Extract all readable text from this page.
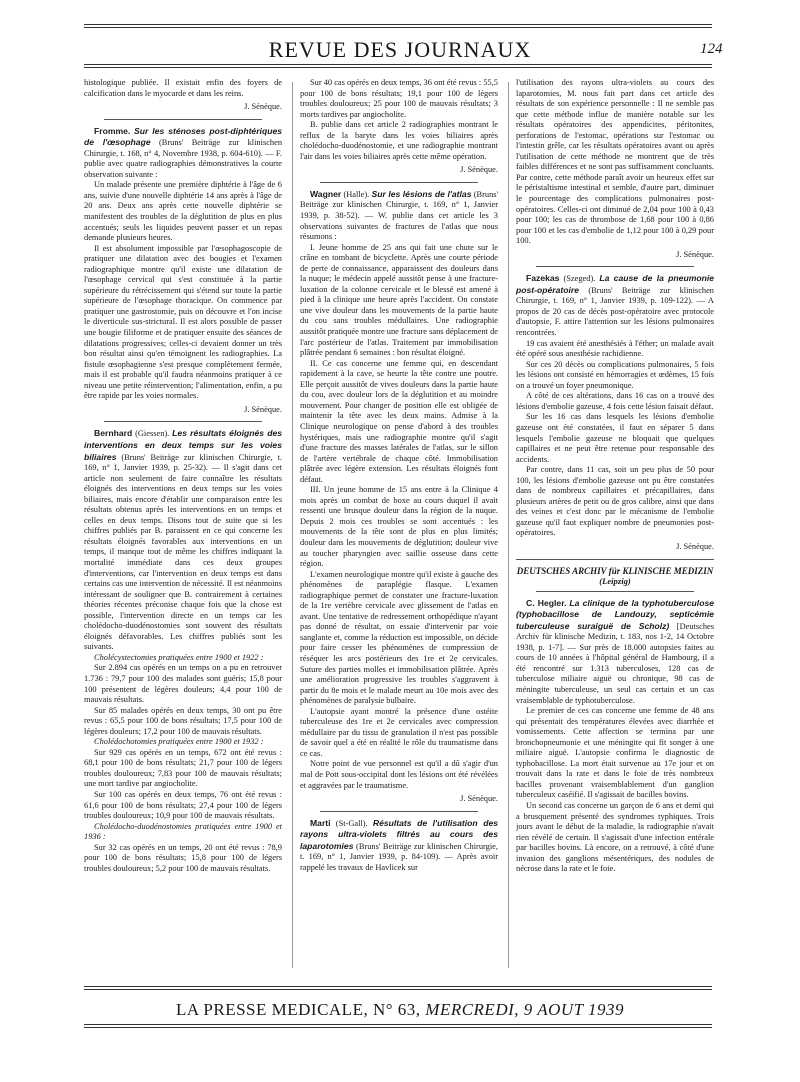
REVUE DES JOURNAUX	124

histologique publiée. Il existait enfin des foyers de calcification dans le myocarde et dans les reins.

J. Sénèque.

Fromme. Sur les sténoses post-diphtériques de l'œsophage (Bruns' Beiträge zur klinischen Chirurgie, t. 168, n° 4, Novembre 1938, p. 604-610). — F. publie avec quatre radiographies démonstratives la courte observation suivante :

Un malade présente une première diphtérie à l'âge de 6 ans, suivie d'une nouvelle diphtérie 14 ans après à l'âge de 20 ans. Deux ans après cette nouvelle diphtérie se manifestent des troubles de la déglutition de plus en plus accentués; seuls les liquides peuvent passer et un repas demande plusieurs heures.

Il est absolument impossible par l'œsophagoscopie de pratiquer une dilatation avec des bougies et l'examen radiographique montre qu'il existe une dilatation de l'œsophage cervical qui s'est constituée à la partie supérieure du rétrécissement qui s'étend sur toute la partie supérieure de l'œsophage thoracique. On commence par pratiquer une gastrostomie, puis on découvre et l'on incise le diverticule sus-strictural. Il est alors possible de passer une bougie filiforme et de pratiquer ensuite des séances de dilatations progressives; celles-ci devaient donner un très bon résultat ainsi qu'en témoignent les radiographies. La fistule œsophagienne s'est presque complètement fermée, mais il est probable qu'il faudra néanmoins pratiquer à ce niveau une petite réintervention; l'alimentation, enfin, a pu être rapide par les voies normales.

J. Sénèque.

Bernhard (Giessen). Les résultats éloignés des interventions en deux temps sur les voies biliaires (Bruns' Beiträge zur klinischen Chirurgie, t. 169, n° 1, Janvier 1939, p. 25-32). — Il s'agit dans cet article non seulement de faire connaître les résultats éloignés des interventions en deux temps sur les voies biliaires, mais encore d'établir une comparaison entre les résultats obtenus après les interventions en un temps et celles en deux temps. Disons tout de suite que si les chiffres publiés par B. paraissent en ce qui concerne les résultats éloignés favorables aux interventions en un temps, il manque tout de même les chiffres indiquant la mortalité immédiate dans ces deux groupes d'interventions, car l'intervention en deux temps est dans certains cas une intervention de nécessité. Il est néanmoins intéressant de souligner que B. contrairement à certaines théories récentes préconise chaque fois que la chose est possible, l'intervention directe en un temps car les cholédocho-duodénostomies sont souvent des résultats éloignés défavorables. Les chiffres publiés sont les suivants.

Cholécystectomies pratiquées entre 1900 et 1922 :

Sur 2.894 cas opérés en un temps on a pu en retrouver 1.736 : 79,7 pour 100 des malades sont guéris; 15,8 pour 100 présentent de légères douleurs; 4,4 pour 100 de mauvais résultats.

Sur 85 malades opérés en deux temps, 30 ont pu être revus : 65,5 pour 100 de bons résultats; 17,5 pour 100 de légères douleurs; 17,2 pour 100 de mauvais résultats.

Cholédochotomies pratiquées entre 1900 et 1932 :

Sur 929 cas opérés en un temps, 672 ont été revus : 68,1 pour 100 de bons résultats; 21,7 pour 100 de légers troubles douloureux; 7,83 pour 100 de mauvais résultats; une mort tardive par angiocholite.

Sur 100 cas opérés en deux temps, 76 ont été revus : 61,6 pour 100 de bons résultats; 27,4 pour 100 de légers troubles douloureux; 10,9 pour 100 de mauvais résultats.

Cholédocho-duodénostomies pratiquées entre 1900 et 1936 :

Sur 32 cas opérés en un temps, 20 ont été revus : 78,9 pour 100 de bons résultats; 15,8 pour 100 de légers troubles douloureux; 5,2 pour 100 de mauvais résultats.

Sur 40 cas opérés en deux temps, 36 ont été revus : 55,5 pour 100 de bons résultats; 19,1 pour 100 de légers troubles douloureux; 25 pour 100 de mauvais résultats; 3 morts tardives par angiocholite.

B. publie dans cet article 2 radiographies montrant le reflux de la baryte dans les voies biliaires après cholédocho-duodénostomie, et une radiographie montrant l'air dans les voies biliaires après cette même opération.

J. Sénèque.

Wagner (Halle). Sur les lésions de l'atlas (Bruns' Beiträge zur klinischen Chirurgie, t. 169, n° 1, Janvier 1939, p. 38-52). — W. publie dans cet article les 3 observations suivantes de fractures de l'atlas que nous résumons :

I. Jeune homme de 25 ans qui fait une chute sur le crâne en tombant de bicyclette. Après une courte période de perte de connaissance, apparaissent des douleurs dans la nuque; le médecin appelé aussitôt pense à une fracture-luxation de la colonne cervicale et le blessé est amené à pied à la clinique une heure après l'accident. On constate une vive douleur dans les mouvements de la partie haute du cou sans troubles médullaires. Une radiographie aussitôt pratiquée montre une fracture sans déplacement de l'arc postérieur de l'atlas. Traitement par immobilisation plâtrée pendant 6 semaines : bon résultat éloigné.

II. Ce cas concerne une femme qui, en descendant rapidement à la cave, se heurte la tête contre une poutre. Elle perçoit aussitôt de vives douleurs dans la partie haute du cou, avec douleur lors de la déglutition et au moindre mouvement. Pour changer de position elle est obligée de maintenir la tête avec les deux mains. Admise à la Clinique neurologique on pense d'abord à des troubles hystériques, mais une radiographie montre qu'il s'agit d'une fracture des masses latérales de l'atlas, sur le sillon de l'artère vertébrale de chaque côté. Immobilisation plâtrée avec légère extension. Les résultats éloignés font défaut.

III. Un jeune homme de 15 ans entre à la Clinique 4 mois après un combat de boxe au cours duquel il avait ressenti une brusque douleur dans la région de la nuque. Depuis 2 mois ces troubles se sont accentués : les mouvements de la tête sont de plus en plus limités; douleur dans les mouvements de déglutition; douleur vive au toucher pharyngien avec saillie osseuse dans cette région.

L'examen neurologique montre qu'il existe à gauche des phénomènes de paraplégie flasque. L'examen radiographique permet de constater une fracture-luxation de la 1re vertèbre cervicale avec glissement de l'atlas en avant. Une tentative de redressement orthopédique n'ayant pas donné de résultat, on essaie d'intervenir par voie sanglante et, comme la réduction est impossible, on décide pour faire cesser les phénomènes de compression de réséquer les arcs postérieurs des 1re et 2e cervicales. Suture des parties molles et immobilisation plâtrée. Après une amélioration progressive les troubles s'aggravent à partir du 8e mois et le malade meurt au 10e mois avec des phénomènes de paralysie bulbaire.

L'autopsie ayant montré la présence d'une ostéite tuberculeuse des 1re et 2e cervicales avec compression médullaire par du tissu de granulation il n'est pas possible de savoir quel a été en réalité le rôle du traumatisme dans ce cas.

Notre point de vue personnel est qu'il a dû s'agir d'un mal de Pott sous-occipital dont les lésions ont été révélées et aggravées par le traumatisme.

J. Sénèque.

Marti (St-Gall). Résultats de l'utilisation des rayons ultra-violets filtrés au cours des laparotomies (Bruns' Beiträge zur klinischen Chirurgie, t. 169, n° 1, Janvier 1939, p. 84-109). — Après avoir rappelé les travaux de Havlicek sur

l'utilisation des rayons ultra-violets au cours des laparotomies, M. nous fait part dans cet article des résultats de son expérience personnelle : Il ne semble pas que cette méthode influe de manière notable sur les résultats opératoires des appendicites, péritonites, perforations de l'estomac, opérations sur l'estomac ou l'intestin grêle, car les résultats opératoires avant ou après l'utilisation de cette méthode ne montrent que de très faibles différences et ne sont pas suffisamment concluants. Par contre, cette méthode paraît avoir un heureux effet sur le péristaltisme intestinal et semble, d'autre part, diminuer le pourcentage des complications pulmonaires post-opératoires. Celles-ci ont diminué de 2,04 pour 100 à 0,43 pour 100; les cas de thrombose de 1,68 pour 100 à 0,86 pour 100 et les cas d'embolie de 1,12 pour 100 à 0,29 pour 100.

J. Sénèque.

Fazekas (Szeged). La cause de la pneumonie post-opératoire (Bruns' Beiträge zur klinischen Chirurgie, t. 169, n° 1, Janvier 1939, p. 109-122). — A propos de 20 cas de décès post-opératoire avec protocole d'autopsie, F. attire l'attention sur les lésions pulmonaires rencontrées.

19 cas avaient été anesthésiés à l'éther; un malade avait été opéré sous anesthésie rachidienne.

Sur ces 20 décès ou complications pulmonaires, 5 fois les lésions ont consisté en hémorragies et œdèmes, 15 fois on a trouvé un foyer pneumonique.

A côté de ces altérations, dans 16 cas on a trouvé des lésions d'embolie gazeuse, 4 fois cette lésion faisait défaut.

Sur les 16 cas dans lesquels les lésions d'embolie gazeuse ont été constatées, il faut en séparer 5 dans lesquels l'embolie gazeuse ne bloquait que quelques capillaires et ne peut être retenue pour responsable des accidents.

Par contre, dans 11 cas, soit un peu plus de 50 pour 100, les lésions d'embolie gazeuse ont pu être constatées dans de nombreux capillaires et précapillaires, dans plusieurs artères de petit ou de gros calibre, ainsi que dans des veines et c'est donc par le mécanisme de l'embolie gazeuse qu'il faut expliquer nombre de pneumonies post-opératoires.

J. Sénèque.

DEUTSCHES ARCHIV für KLINISCHE MEDIZIN

(Leipzig)

C. Hegler. La clinique de la typhotuberculose (typhobacillose de Landouzy, septicémie tuberculeuse suraiguë de Scholz) [Deutsches Archiv für klinische Medizin, t. 183, nos 1-2, 14 Octobre 1938, p. 1-7]. — Sur près de 18.000 autopsies faites au cours de 10 années à l'hôpital général de Hambourg, il a été rencontré sur 1.313 tuberculoses, 128 cas de tuberculose miliaire aiguë ou chronique, 98 cas de méningite tuberculeuse, un seul cas certain et un cas vraisemblable de typhotuberculose.

Le premier de ces cas concerne une femme de 48 ans qui présentait des températures élevées avec diarrhée et vomissements. Cette affection se termina par une bronchopneumonie et une méningite qui fit songer à une miliaire aiguë. L'autopsie confirma le diagnostic de typhobacillose. La mort était survenue au 17e jour et on trouvait dans la rate et dans le foie de très nombreux bacilles provenant vraisemblablement d'un ganglion tuberculeux caséifié. Il s'agissait de bacilles bovins.

Un second cas concerne un garçon de 6 ans et demi qui a brusquement présenté des syndromes typhiques. Trois jours avant le début de la maladie, la radiographie n'avait rien révélé de certain. Il s'agissait d'une infection entérale par bacilles bovins. Là encore, on a retrouvé, à côté d'une invasion des ganglions mésentériques, des nodules de nécrose dans la rate et le foie.

LA PRESSE MEDICALE, N° 63, MERCREDI, 9 AOUT 1939
